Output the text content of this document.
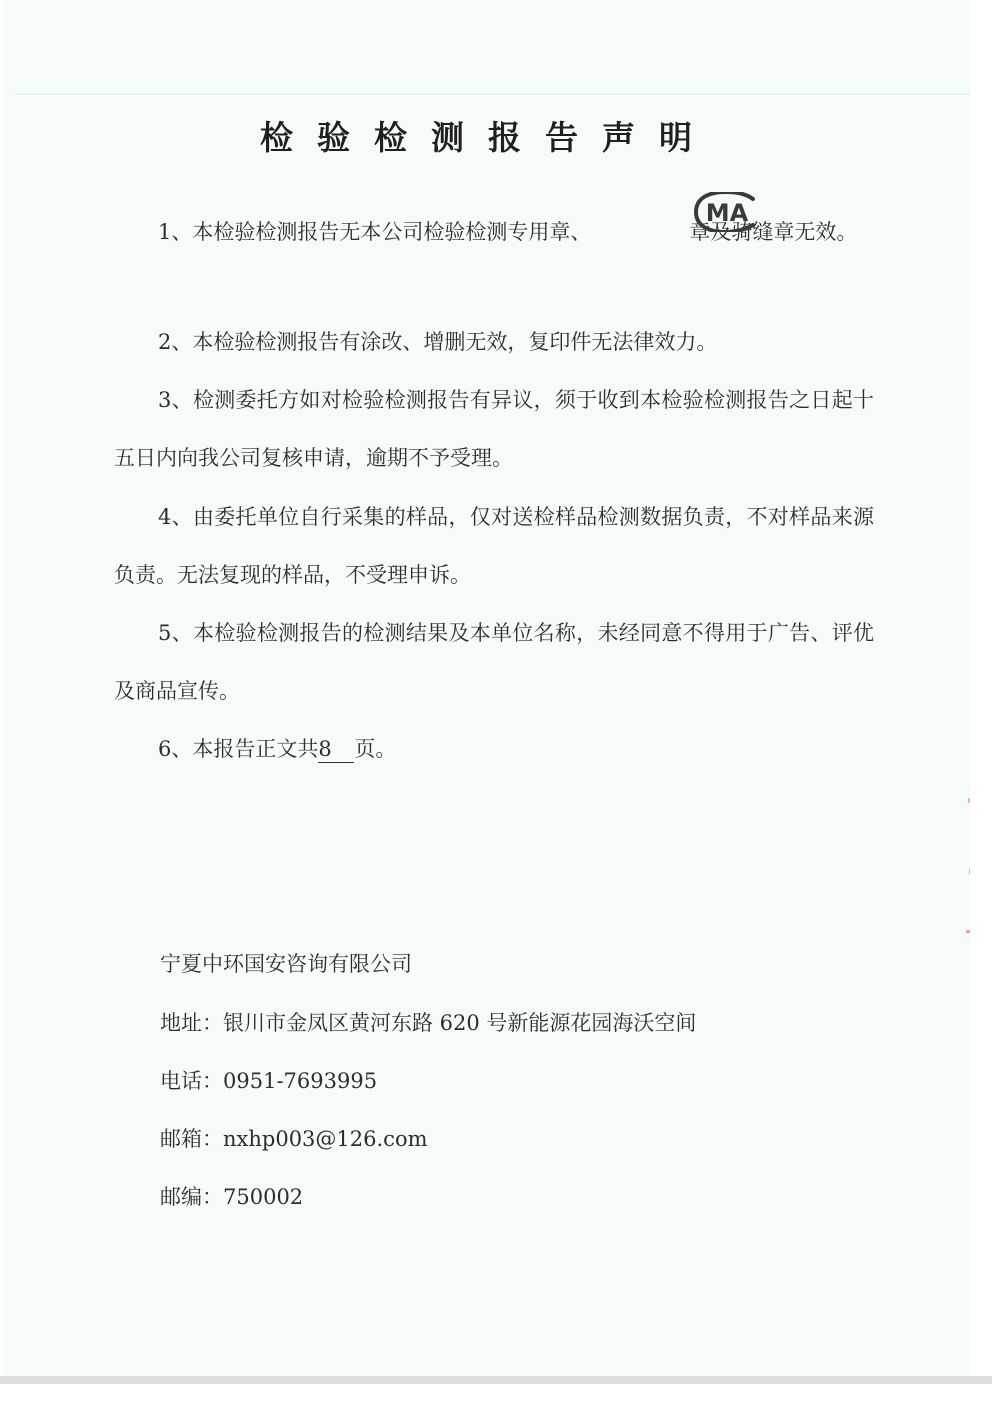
检验检测报告声明
1、本检验检测报告无本公司检验检测专用章、	章及骑缝章无效。
MA
2、本检验检测报告有涂改、增删无效，复印件无法律效力。
3、检测委托方如对检验检测报告有异议，须于收到本检验检测报告之日起十五日内向我公司复核申请，逾期不予受理。
4、由委托单位自行采集的样品，仅对送检样品检测数据负责，不对样品来源负责。无法复现的样品，不受理申诉。
5、本检验检测报告的检测结果及本单位名称，未经同意不得用于广告、评优及商品宣传。
6、本报告正文共8 页。
宁夏中环国安咨询有限公司
地址：银川市金凤区黄河东路 620 号新能源花园海沃空间
电话：0951-7693995
邮箱：nxhp003@126.com
邮编：750002
